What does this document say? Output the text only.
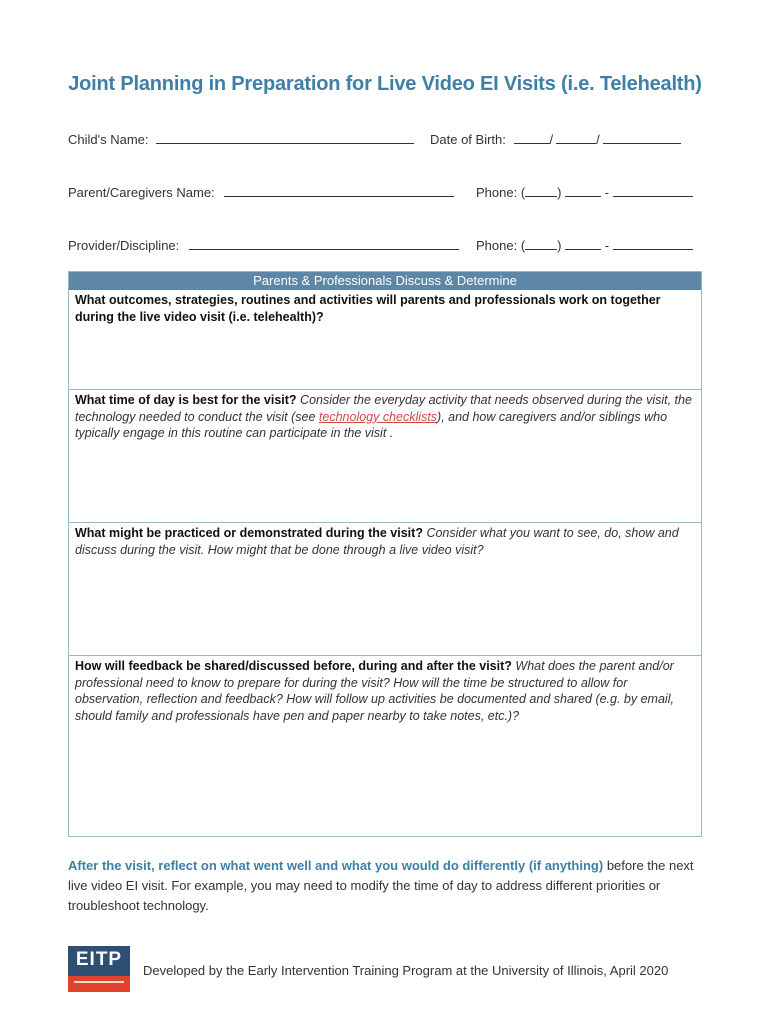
Joint Planning in Preparation for Live Video EI Visits (i.e. Telehealth)
Child's Name:	Date of Birth:	/	/
Parent/Caregivers Name:	Phone: ( )	-
Provider/Discipline:	Phone: ( )	-
Parents & Professionals Discuss & Determine
What outcomes, strategies, routines and activities will parents and professionals work on together during the live video visit (i.e. telehealth)?
What time of day is best for the visit? Consider the everyday activity that needs observed during the visit, the technology needed to conduct the visit (see technology checklists), and how caregivers and/or siblings who typically engage in this routine can participate in the visit .
What might be practiced or demonstrated during the visit? Consider what you want to see, do, show and discuss during the visit. How might that be done through a live video visit?
How will feedback be shared/discussed before, during and after the visit? What does the parent and/or professional need to know to prepare for during the visit? How will the time be structured to allow for observation, reflection and feedback? How will follow up activities be documented and shared (e.g. by email, should family and professionals have pen and paper nearby to take notes, etc.)?
After the visit, reflect on what went well and what you would do differently (if anything) before the next live video EI visit. For example, you may need to modify the time of day to address different priorities or troubleshoot technology.
EITP
Developed by the Early Intervention Training Program at the University of Illinois, April 2020
